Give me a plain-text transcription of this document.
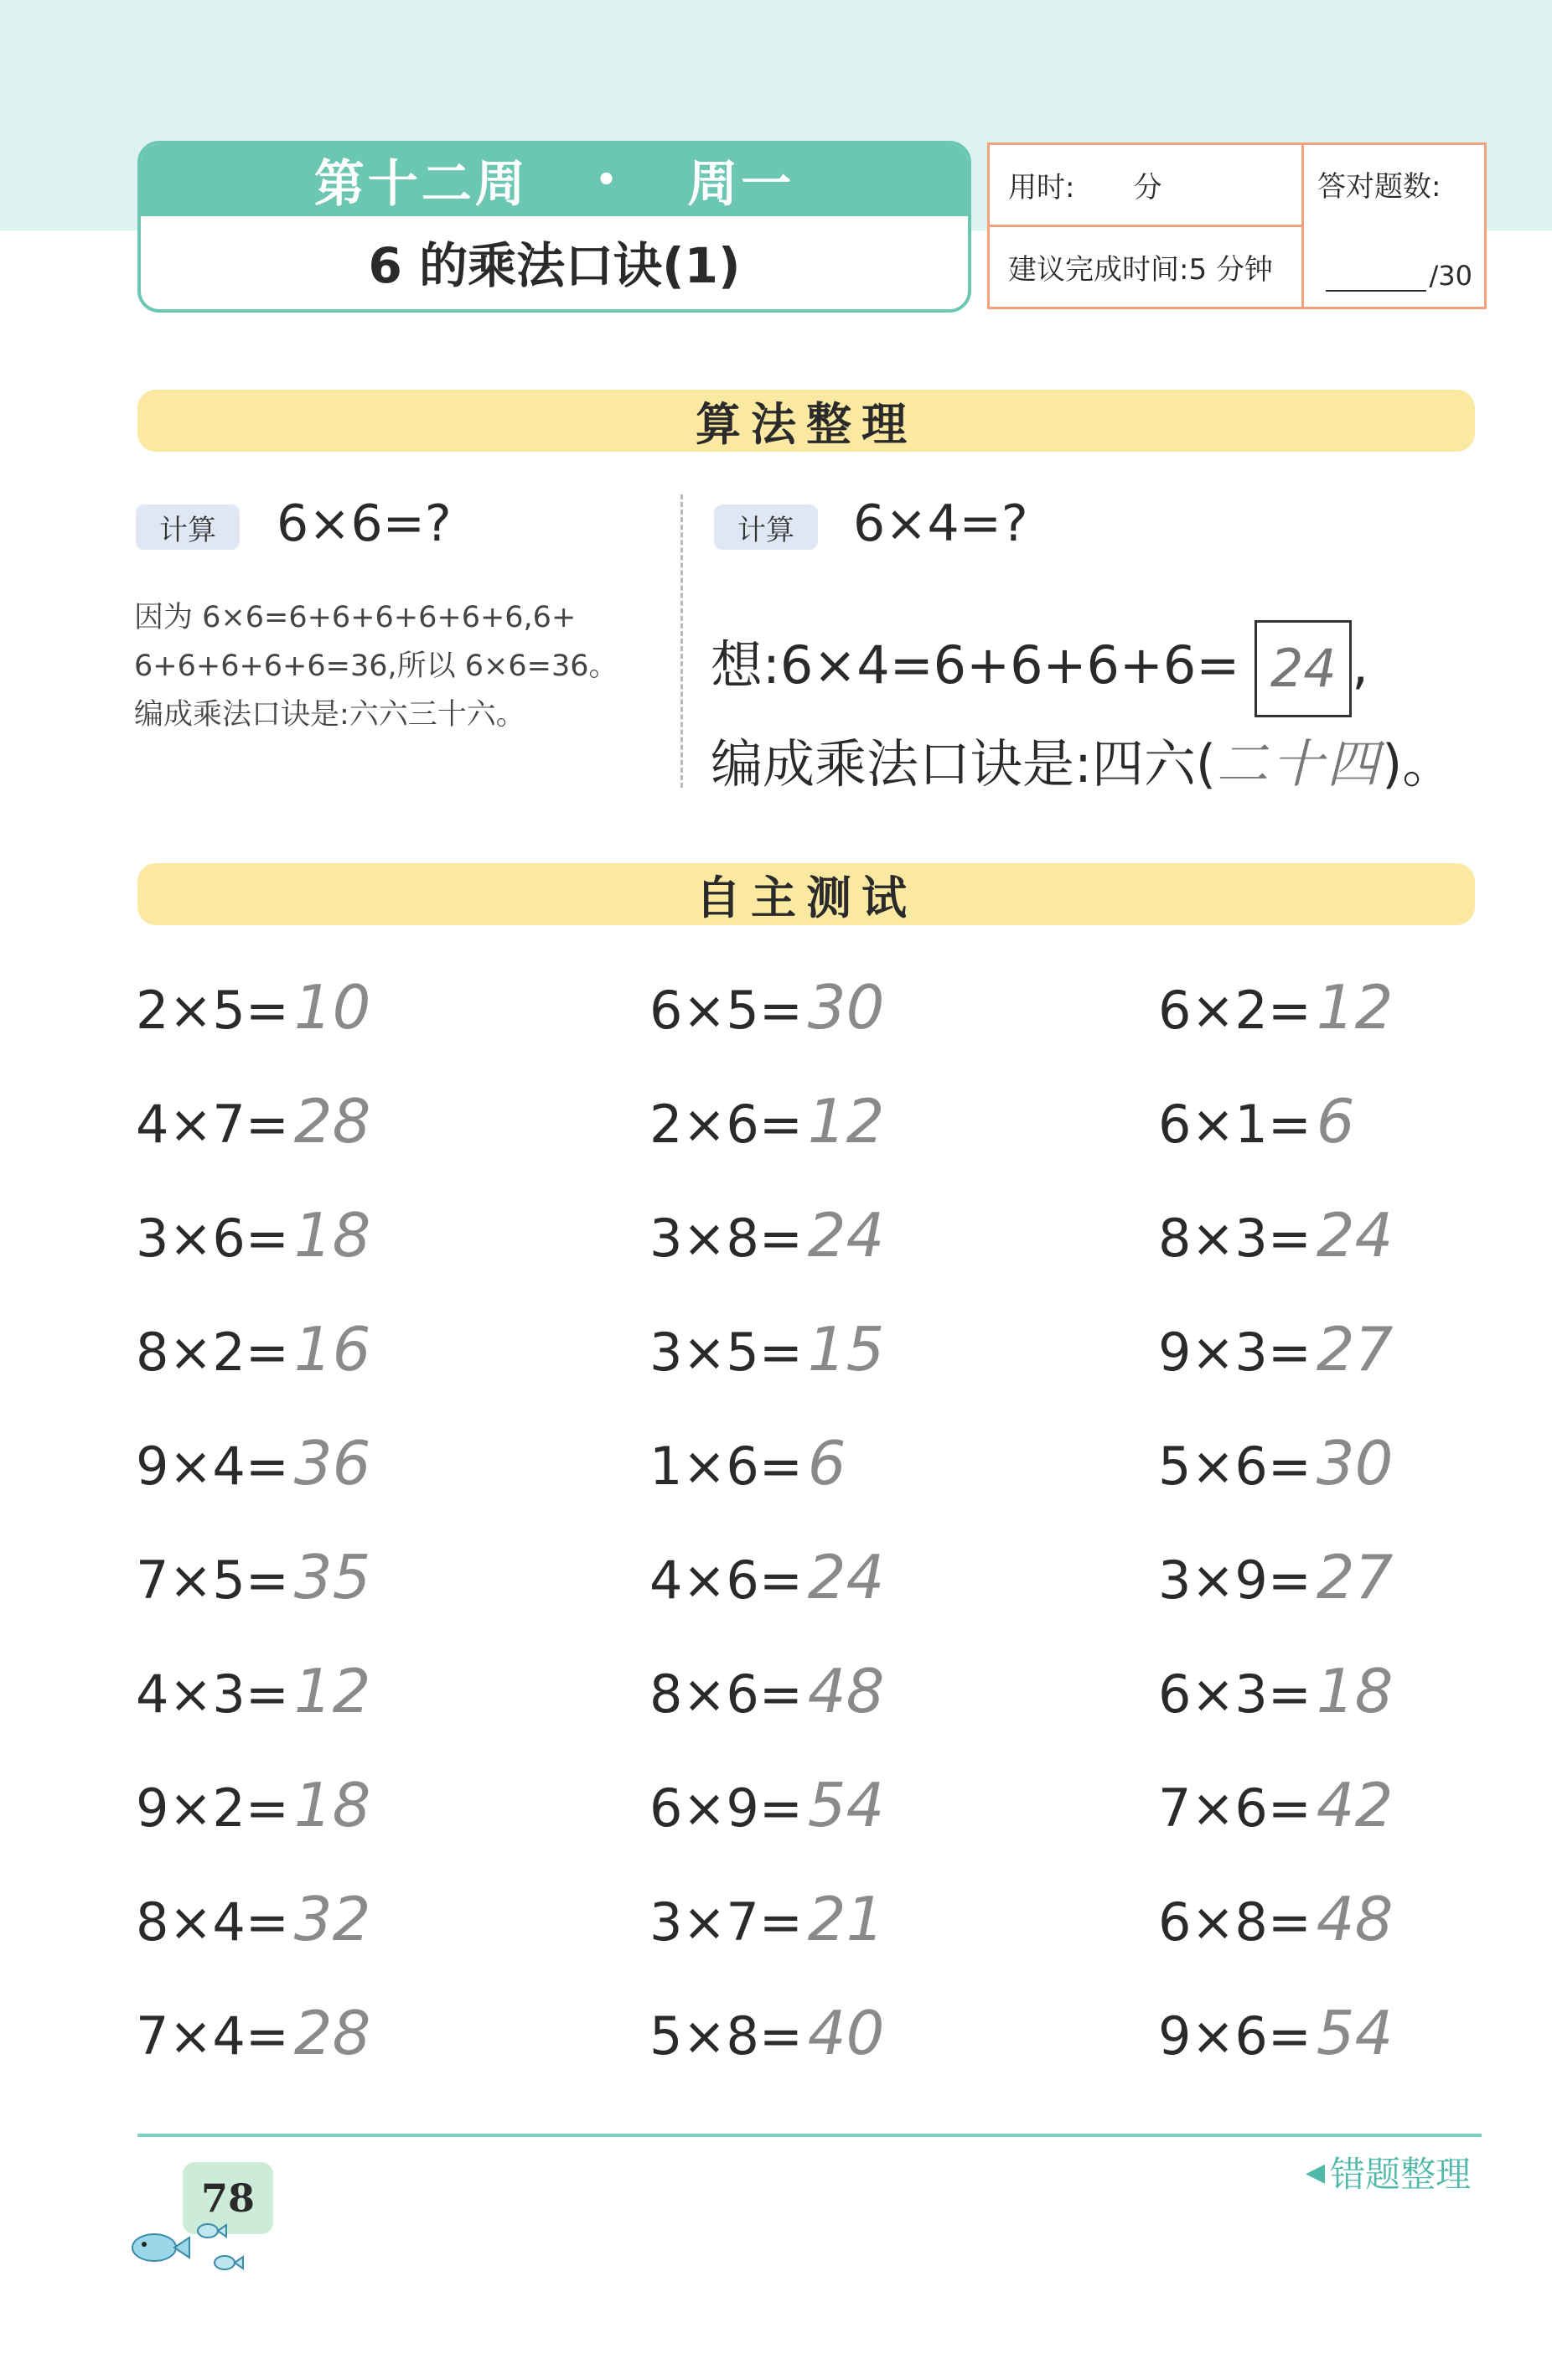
第十二周 • 周一
6 的乘法口诀(1)
用时: 分
建议完成时间:5 分钟
答对题数:
/30
算法整理
计算	6×6=?
因为 6×6=6+6+6+6+6+6,6+
6+6+6+6+6=36,所以 6×6=36。
编成乘法口诀是:六六三十六。
计算	6×4=?
想:6×4=6+6+6+6= 24 ,
编成乘法口诀是:四六(二十四)。
自主测试
2×5=10
4×7=28
3×6=18
8×2=16
9×4=36
7×5=35
4×3=12
9×2=18
8×4=32
7×4=28
6×5=30
2×6=12
3×8=24
3×5=15
1×6=6
4×6=24
8×6=48
6×9=54
3×7=21
5×8=40
6×2=12
6×1=6
8×3=24
9×3=27
5×6=30
3×9=27
6×3=18
7×6=42
6×8=48
9×6=54
78
◀ 错题整理
